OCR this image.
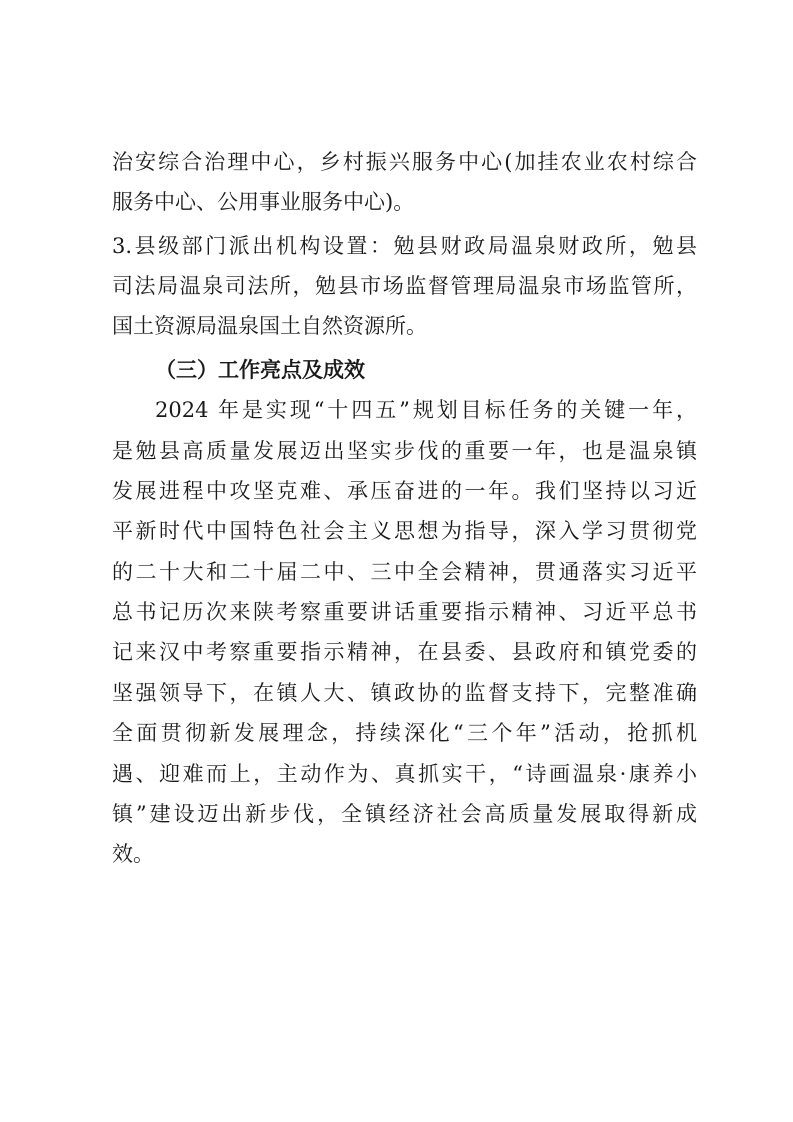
治安综合治理中心，乡村振兴服务中心(加挂农业农村综合
服务中心、公用事业服务中心)。
3.县级部门派出机构设置：勉县财政局温泉财政所，勉县
司法局温泉司法所，勉县市场监督管理局温泉市场监管所，
国土资源局温泉国土自然资源所。
（三）工作亮点及成效
2024 年是实现“十四五”规划目标任务的关键一年，
是勉县高质量发展迈出坚实步伐的重要一年，也是温泉镇
发展进程中攻坚克难、承压奋进的一年。我们坚持以习近
平新时代中国特色社会主义思想为指导，深入学习贯彻党
的二十大和二十届二中、三中全会精神，贯通落实习近平
总书记历次来陕考察重要讲话重要指示精神、习近平总书
记来汉中考察重要指示精神，在县委、县政府和镇党委的
坚强领导下，在镇人大、镇政协的监督支持下，完整准确
全面贯彻新发展理念，持续深化“三个年”活动，抢抓机
遇、迎难而上，主动作为、真抓实干，“诗画温泉·康养小
镇”建设迈出新步伐，全镇经济社会高质量发展取得新成
效。
